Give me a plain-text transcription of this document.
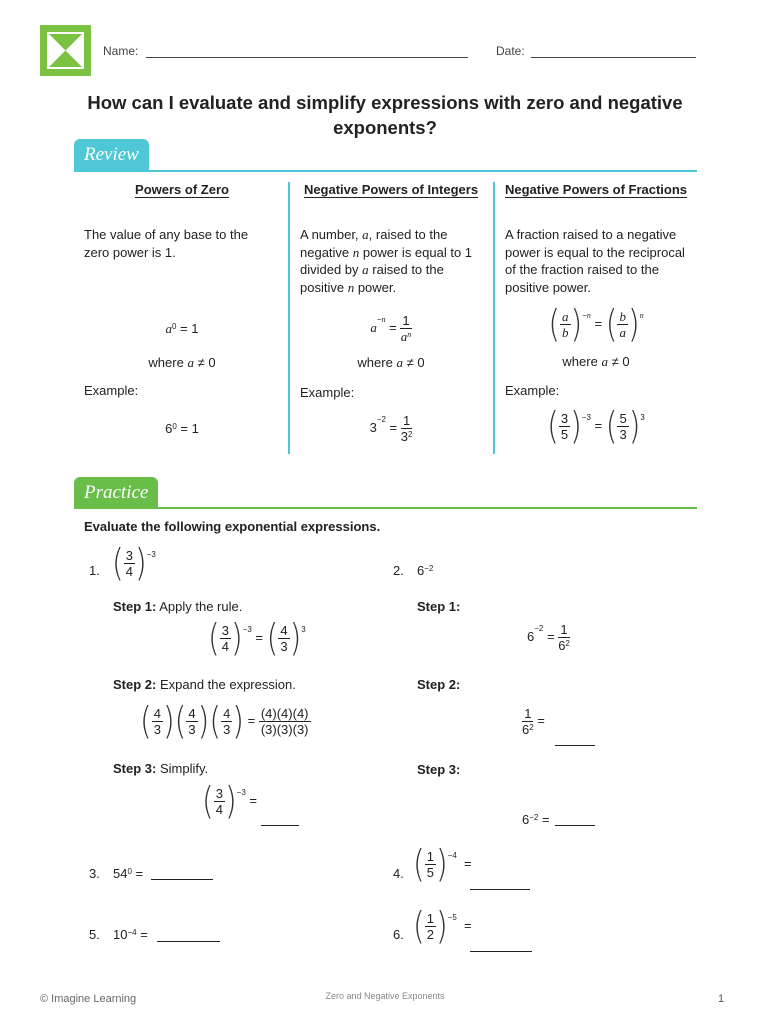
Name:	Date:
How can I evaluate and simplify expressions with zero and negative exponents?
Review
Powers of Zero
The value of any base to the zero power is 1.
$a^0 = 1$
where a ≠ 0
Example:
$6^0 = 1$
Negative Powers of Integers
A number, a, raised to the negative n power is equal to 1 divided by a raised to the positive n power.
$a^{-n} = \frac{1}{a^n}$
where a ≠ 0
Example:
$3^{-2} = \frac{1}{3^2}$
Negative Powers of Fractions
A fraction raised to a negative power is equal to the reciprocal of the fraction raised to the positive power.
( $\frac{a}{b}$ ) $^{-n}$ = ( $\frac{b}{a}$ ) $^n$
where a ≠ 0
Example:
( $\frac{3}{5}$ ) $^{-3}$ = ( $\frac{5}{3}$ ) $^3$
Practice
Evaluate the following exponential expressions.
1. ( $\frac{3}{4}$ ) $^{-3}$
Step 1: Apply the rule.
( $\frac{3}{4}$ ) $^{-3}$ = ( $\frac{4}{3}$ ) $^3$
Step 2: Expand the expression.
( $\frac{4}{3}$ ) ( $\frac{4}{3}$ ) ( $\frac{4}{3}$ ) = $\frac{(4)(4)(4)}{(3)(3)(3)}$
Step 3: Simplify.
( $\frac{3}{4}$ ) $^{-3}$ =
2. $6^{-2}$
Step 1:
$6^{-2} = \frac{1}{6^2}$
Step 2:
$\frac{1}{6^2}$ =
Step 3:
$6^{-2}$ =
3. $54^0$ =	4. ( $\frac{1}{5}$ ) $^{-4}$  =
5. $10^{-4}$ =	6. ( $\frac{1}{2}$ ) $^{-5}$  =
© Imagine Learning	Zero and Negative Exponents	1
